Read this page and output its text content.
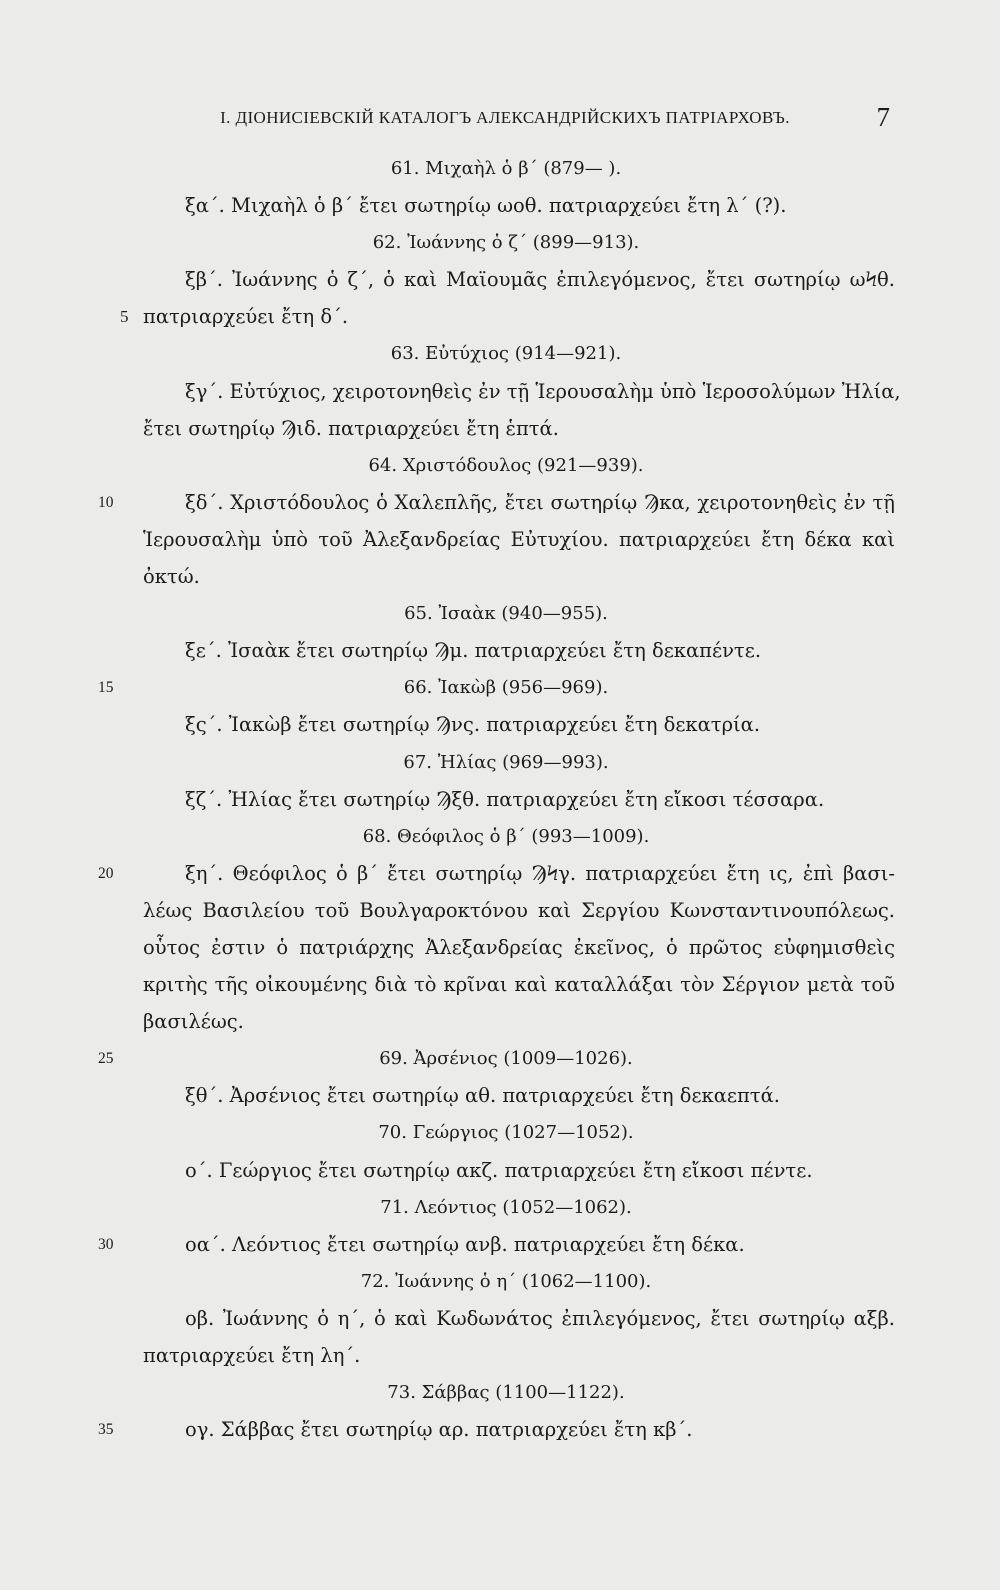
I. ДІОНИСІЕВСКІЙ КАТАЛОГЪ АЛЕКСАНДРІЙСКИХЪ ПАТРІАРХОВЪ.	7
61. Μιχαὴλ ὁ β΄ (879— ).
ξα΄. Μιχαὴλ ὁ β΄ ἔτει σωτηρίῳ ωοθ. πατριαρχεύει ἔτη λ΄ (?).
62. Ἰωάννης ὁ ζ΄ (899—913).
ξβ΄. Ἰωάννης ὁ ζ΄, ὁ καὶ Μαϊουμᾶς ἐπιλεγόμενος, ἔτει σωτηρίῳ ωϞθ.
5 πατριαρχεύει ἔτη δ΄.
63. Εὐτύχιος (914—921).
ξγ΄. Εὐτύχιος, χειροτονηθεὶς ἐν τῇ Ἱερουσαλὴμ ὑπὸ Ἱεροσολύμων Ἠλία,
ἔτει σωτηρίῳ Ϡιδ. πατριαρχεύει ἔτη ἑπτά.
64. Χριστόδουλος (921—939).
10	ξδ΄. Χριστόδουλος ὁ Χαλεπλῆς, ἔτει σωτηρίῳ Ϡκα, χειροτονηθεὶς ἐν τῇ
Ἱερουσαλὴμ ὑπὸ τοῦ Ἀλεξανδρείας Εὐτυχίου. πατριαρχεύει ἔτη δέκα καὶ
ὀκτώ.
65. Ἰσαὰκ (940—955).
ξε΄. Ἰσαὰκ ἔτει σωτηρίῳ Ϡμ. πατριαρχεύει ἔτη δεκαπέντε.
15	66. Ἰακὼβ (956—969).
ξς΄. Ἰακὼβ ἔτει σωτηρίῳ Ϡνς. πατριαρχεύει ἔτη δεκατρία.
67. Ἠλίας (969—993).
ξζ΄. Ἠλίας ἔτει σωτηρίῳ Ϡξθ. πατριαρχεύει ἔτη εἴκοσι τέσσαρα.
68. Θεόφιλος ὁ β΄ (993—1009).
20	ξη΄. Θεόφιλος ὁ β΄ ἔτει σωτηρίῳ ϠϞγ. πατριαρχεύει ἔτη ις, ἐπὶ βασι-
λέως Βασιλείου τοῦ Βουλγαροκτόνου καὶ Σεργίου Κωνσταντινουπόλεως.
οὗτος ἐστιν ὁ πατριάρχης Ἀλεξανδρείας ἐκεῖνος, ὁ πρῶτος εὐφημισθεὶς
κριτὴς τῆς οἰκουμένης διὰ τὸ κρῖναι καὶ καταλλάξαι τὸν Σέργιον μετὰ τοῦ
βασιλέως.
25	69. Ἀρσένιος (1009—1026).
ξθ΄. Ἀρσένιος ἔτει σωτηρίῳ αθ. πατριαρχεύει ἔτη δεκαεπτά.
70. Γεώργιος (1027—1052).
ο΄. Γεώργιος ἔτει σωτηρίῳ ακζ. πατριαρχεύει ἔτη εἴκοσι πέντε.
71. Λεόντιος (1052—1062).
30	οα΄. Λεόντιος ἔτει σωτηρίῳ ανβ. πατριαρχεύει ἔτη δέκα.
72. Ἰωάννης ὁ η΄ (1062—1100).
οβ. Ἰωάννης ὁ η΄, ὁ καὶ Κωδωνάτος ἐπιλεγόμενος, ἔτει σωτηρίῳ αξβ.
πατριαρχεύει ἔτη λη΄.
73. Σάββας (1100—1122).
35	ογ. Σάββας ἔτει σωτηρίῳ αρ. πατριαρχεύει ἔτη κβ΄.
